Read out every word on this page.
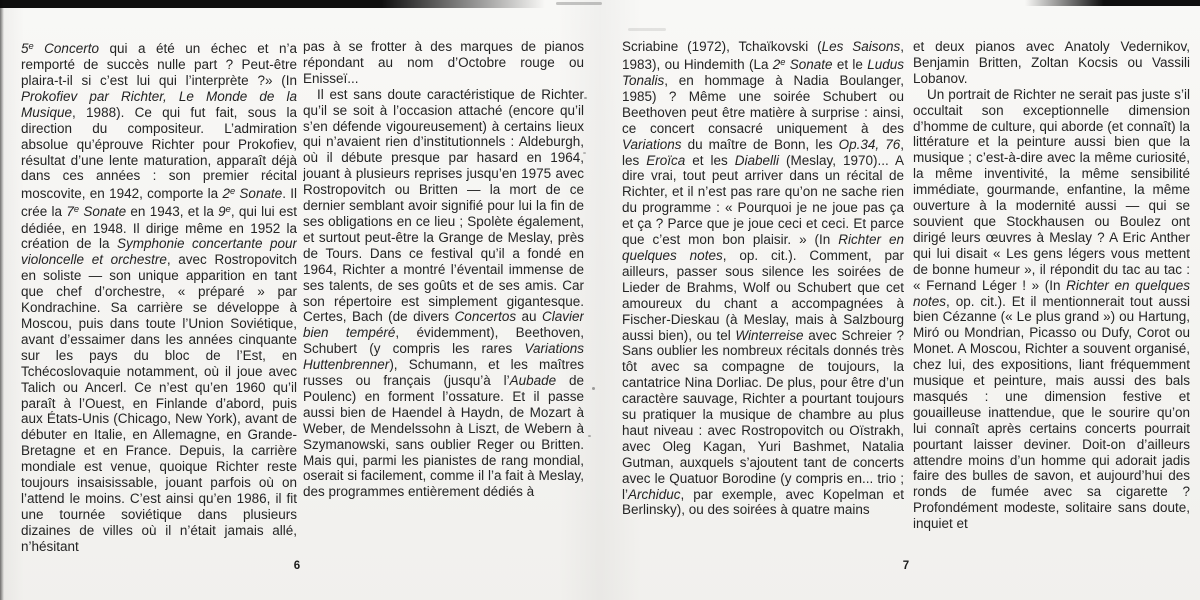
5e Concerto qui a été un échec et n’a remporté de succès nulle part ? Peut-être plaira-t-il si c’est lui qui l’interprète ?» (In Prokofiev par Richter, Le Monde de la Musique, 1988). Ce qui fut fait, sous la direction du compositeur. L’admiration absolue qu’éprouve Richter pour Prokofiev, résultat d’une lente maturation, apparaît déjà dans ces années : son premier récital moscovite, en 1942, comporte la 2e Sonate. Il crée la 7e Sonate en 1943, et la 9e, qui lui est dédiée, en 1948. Il dirige même en 1952 la création de la Symphonie concertante pour violoncelle et orchestre, avec Rostropovitch en soliste — son unique apparition en tant que chef d’orchestre, « préparé » par Kondrachine. Sa carrière se développe à Moscou, puis dans toute l’Union Soviétique, avant d’essaimer dans les années cinquante sur les pays du bloc de l’Est, en Tchécoslovaquie notamment, où il joue avec Talich ou Ancerl. Ce n’est qu’en 1960 qu’il paraît à l’Ouest, en Finlande d’abord, puis aux États-Unis (Chicago, New York), avant de débuter en Italie, en Allemagne, en Grande-Bretagne et en France. Depuis, la carrière mondiale est venue, quoique Richter reste toujours insaisissable, jouant parfois où on l’attend le moins. C’est ainsi qu’en 1986, il fit une tournée soviétique dans plusieurs dizaines de villes où il n’était jamais allé, n’hésitant

pas à se frotter à des marques de pianos répondant au nom d’Octobre rouge ou Enisseï...

Il est sans doute caractéristique de Richter qu’il se soit à l’occasion attaché (encore qu’il s’en défende vigoureusement) à certains lieux qui n’avaient rien d’institutionnels : Aldeburgh, où il débute presque par hasard en 1964, jouant à plusieurs reprises jusqu’en 1975 avec Rostropovitch ou Britten — la mort de ce dernier semblant avoir signifié pour lui la fin de ses obligations en ce lieu ; Spolète également, et surtout peut-être la Grange de Meslay, près de Tours. Dans ce festival qu’il a fondé en 1964, Richter a montré l’éventail immense de ses talents, de ses goûts et de ses amis. Car son répertoire est simplement gigantesque. Certes, Bach (de divers Concertos au Clavier bien tempéré, évidemment), Beethoven, Schubert (y compris les rares Variations Huttenbrenner), Schumann, et les maîtres russes ou français (jusqu’à l’Aubade de Poulenc) en forment l’ossature. Et il passe aussi bien de Haendel à Haydn, de Mozart à Weber, de Mendelssohn à Liszt, de Webern à Szymanowski, sans oublier Reger ou Britten. Mais qui, parmi les pianistes de rang mondial, oserait si facilement, comme il l’a fait à Meslay, des programmes entièrement dédiés à

6

Scriabine (1972), Tchaïkovski (Les Saisons, 1983), ou Hindemith (La 2e Sonate et le Ludus Tonalis, en hommage à Nadia Boulanger, 1985) ? Même une soirée Schubert ou Beethoven peut être matière à surprise : ainsi, ce concert consacré uniquement à des Variations du maître de Bonn, les Op.34, 76, les Eroïca et les Diabelli (Meslay, 1970)... A dire vrai, tout peut arriver dans un récital de Richter, et il n’est pas rare qu’on ne sache rien du programme : « Pourquoi je ne joue pas ça et ça ? Parce que je joue ceci et ceci. Et parce que c’est mon bon plaisir. » (In Richter en quelques notes, op. cit.). Comment, par ailleurs, passer sous silence les soirées de Lieder de Brahms, Wolf ou Schubert que cet amoureux du chant a accompagnées à Fischer-Dieskau (à Meslay, mais à Salzbourg aussi bien), ou tel Winterreise avec Schreier ? Sans oublier les nombreux récitals donnés très tôt avec sa compagne de toujours, la cantatrice Nina Dorliac. De plus, pour être d’un caractère sauvage, Richter a pourtant toujours su pratiquer la musique de chambre au plus haut niveau : avec Rostropovitch ou Oïstrakh, avec Oleg Kagan, Yuri Bashmet, Natalia Gutman, auxquels s’ajoutent tant de concerts avec le Quatuor Borodine (y compris en... trio ; l’Archiduc, par exemple, avec Kopelman et Berlinsky), ou des soirées à quatre mains

et deux pianos avec Anatoly Vedernikov, Benjamin Britten, Zoltan Kocsis ou Vassili Lobanov.

Un portrait de Richter ne serait pas juste s’il occultait son exceptionnelle dimension d’homme de culture, qui aborde (et connaît) la littérature et la peinture aussi bien que la musique ; c’est-à-dire avec la même curiosité, la même inventivité, la même sensibilité immédiate, gourmande, enfantine, la même ouverture à la modernité aussi — qui se souvient que Stockhausen ou Boulez ont dirigé leurs œuvres à Meslay ? A Eric Anther qui lui disait « Les gens légers vous mettent de bonne humeur », il répondit du tac au tac : « Fernand Léger ! » (In Richter en quelques notes, op. cit.). Et il mentionnerait tout aussi bien Cézanne (« Le plus grand ») ou Hartung, Miró ou Mondrian, Picasso ou Dufy, Corot ou Monet. A Moscou, Richter a souvent organisé, chez lui, des expositions, liant fréquemment musique et peinture, mais aussi des bals masqués : une dimension festive et gouailleuse inattendue, que le sourire qu’on lui connaît après certains concerts pourrait pourtant laisser deviner. Doit-on d’ailleurs attendre moins d’un homme qui adorait jadis faire des bulles de savon, et aujourd’hui des ronds de fumée avec sa cigarette ? Profondément modeste, solitaire sans doute, inquiet et

7
